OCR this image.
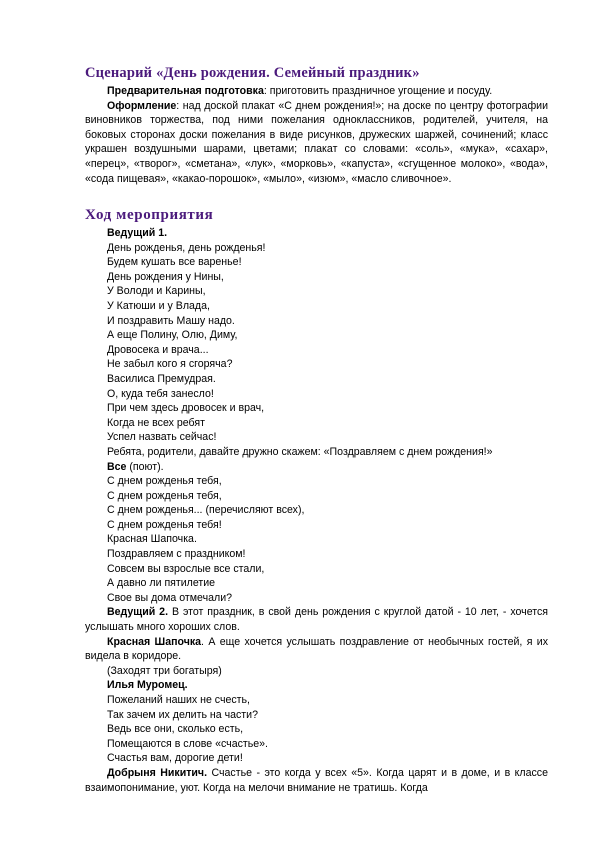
Сценарий «День рождения. Семейный праздник»

Предварительная подготовка: приготовить праздничное угощение и посуду.

Оформление: над доской плакат «С днем рождения!»; на доске по центру фотографии виновников торжества, под ними пожелания одноклассников, родителей, учителя, на боковых сторонах доски пожелания в виде рисунков, дружеских шаржей, сочинений; класс украшен воздушными шарами, цветами; плакат со словами: «соль», «мука», «сахар», «перец», «творог», «сметана», «лук», «морковь», «капуста», «сгущенное молоко», «вода», «сода пищевая», «какао-порошок», «мыло», «изюм», «масло сливочное».

Ход мероприятия

Ведущий 1.

День рожденья, день рожденья!

Будем кушать все варенье!

День рождения у Нины,

У Володи и Карины,

У Катюши и у Влада,

И поздравить Машу надо.

А еще Полину, Олю, Диму,

Дровосека и врача...

Не забыл кого я сгоряча?

Василиса Премудрая.

О, куда тебя занесло!

При чем здесь дровосек и врач,

Когда не всех ребят

Успел назвать сейчас!

Ребята, родители, давайте дружно скажем: «Поздравляем с днем рождения!»

Все (поют).

С днем рожденья тебя,

С днем рожденья тебя,

С днем рожденья... (перечисляют всех),

С днем рожденья тебя!

Красная Шапочка.

Поздравляем с праздником!

Совсем вы взрослые все стали,

А давно ли пятилетие

Свое вы дома отмечали?

Ведущий 2. В этот праздник, в свой день рождения с круглой датой - 10 лет, - хочется услышать много хороших слов.

Красная Шапочка. А еще хочется услышать поздравление от необычных гостей, я их видела в коридоре.

(Заходят три богатыря)

Илья Муромец.

Пожеланий наших не счесть,

Так зачем их делить на части?

Ведь все они, сколько есть,

Помещаются в слове «счастье».

Счастья вам, дорогие дети!

Добрыня Никитич. Счастье - это когда у всех «5». Когда царят и в доме, и в классе взаимопонимание, уют. Когда на мелочи внимание не тратишь. Когда
